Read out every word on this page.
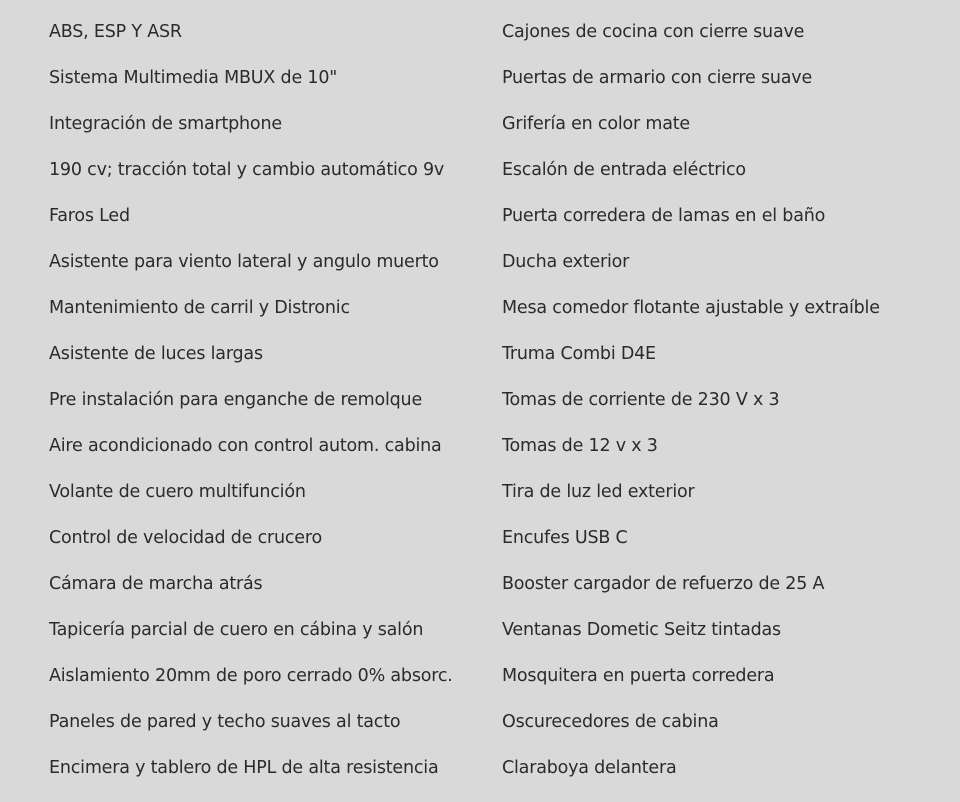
ABS, ESP Y ASR
Sistema Multimedia MBUX de 10"
Integración de smartphone
190 cv; tracción total y cambio automático 9v
Faros Led
Asistente para viento lateral y angulo muerto
Mantenimiento de carril y Distronic
Asistente de luces largas
Pre instalación para enganche de remolque
Aire acondicionado con control autom. cabina
Volante de cuero multifunción
Control de velocidad de crucero
Cámara de marcha atrás
Tapicería parcial de cuero en cábina y salón
Aislamiento 20mm de poro cerrado 0% absorc.
Paneles de pared y techo suaves al tacto
Encimera y tablero de HPL de alta resistencia
Cajones de cocina con cierre suave
Puertas de armario con cierre suave
Grifería en color mate
Escalón de entrada eléctrico
Puerta corredera de lamas en el baño
Ducha exterior
Mesa comedor flotante ajustable y extraíble
Truma Combi D4E
Tomas de corriente de 230 V x 3
Tomas de 12 v x 3
Tira de luz led exterior
Encufes USB C
Booster cargador de refuerzo de 25 A
Ventanas Dometic Seitz tintadas
Mosquitera en puerta corredera
Oscurecedores de cabina
Claraboya delantera
